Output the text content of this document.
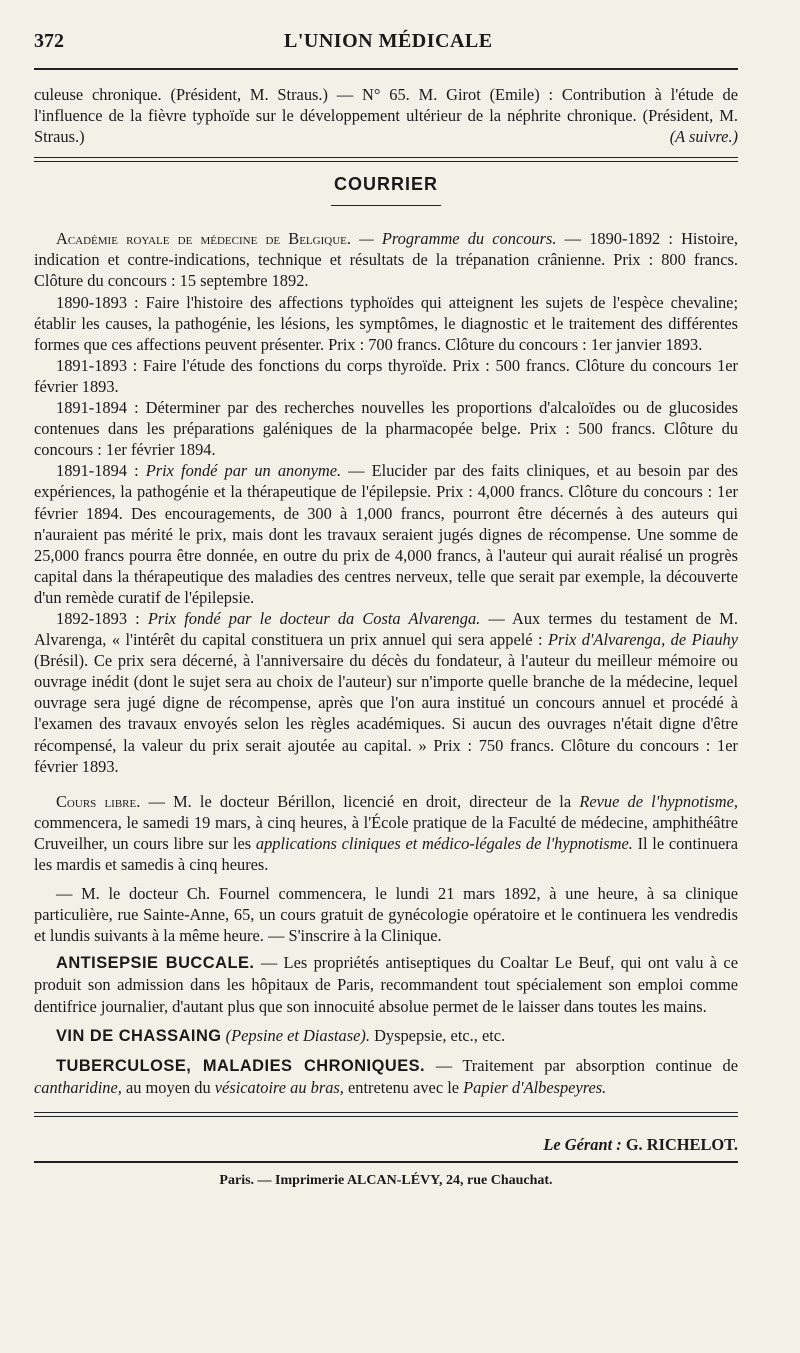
372	L'UNION MÉDICALE

culeuse chronique. (Président, M. Straus.) — N° 65. M. Girot (Emile) : Contribution à l'étude de l'influence de la fièvre typhoïde sur le développement ultérieur de la néphrite chronique. (Président, M. Straus.)	(A suivre.)

COURRIER

Académie royale de médecine de Belgique. — Programme du concours. — 1890-1892 : Histoire, indication et contre-indications, technique et résultats de la trépanation crânienne. Prix : 800 francs. Clôture du concours : 15 septembre 1892.

1890-1893 : Faire l'histoire des affections typhoïdes qui atteignent les sujets de l'espèce chevaline; établir les causes, la pathogénie, les lésions, les symptômes, le diagnostic et le traitement des différentes formes que ces affections peuvent présenter. Prix : 700 francs. Clôture du concours : 1er janvier 1893.

1891-1893 : Faire l'étude des fonctions du corps thyroïde. Prix : 500 francs. Clôture du concours 1er février 1893.

1891-1894 : Déterminer par des recherches nouvelles les proportions d'alcaloïdes ou de glucosides contenues dans les préparations galéniques de la pharmacopée belge. Prix : 500 francs. Clôture du concours : 1er février 1894.

1891-1894 : Prix fondé par un anonyme. — Elucider par des faits cliniques, et au besoin par des expériences, la pathogénie et la thérapeutique de l'épilepsie. Prix : 4,000 francs. Clôture du concours : 1er février 1894. Des encouragements, de 300 à 1,000 francs, pourront être décernés à des auteurs qui n'auraient pas mérité le prix, mais dont les travaux seraient jugés dignes de récompense. Une somme de 25,000 francs pourra être donnée, en outre du prix de 4,000 francs, à l'auteur qui aurait réalisé un progrès capital dans la thérapeutique des maladies des centres nerveux, telle que serait par exemple, la découverte d'un remède curatif de l'épilepsie.

1892-1893 : Prix fondé par le docteur da Costa Alvarenga. — Aux termes du testament de M. Alvarenga, « l'intérêt du capital constituera un prix annuel qui sera appelé : Prix d'Alvarenga, de Piauhy (Brésil). Ce prix sera décerné, à l'anniversaire du décès du fondateur, à l'auteur du meilleur mémoire ou ouvrage inédit (dont le sujet sera au choix de l'auteur) sur n'importe quelle branche de la médecine, lequel ouvrage sera jugé digne de récompense, après que l'on aura institué un concours annuel et procédé à l'examen des travaux envoyés selon les règles académiques. Si aucun des ouvrages n'était digne d'être récompensé, la valeur du prix serait ajoutée au capital. » Prix : 750 francs. Clôture du concours : 1er février 1893.

Cours libre. — M. le docteur Bérillon, licencié en droit, directeur de la Revue de l'hypnotisme, commencera, le samedi 19 mars, à cinq heures, à l'École pratique de la Faculté de médecine, amphithéâtre Cruveilher, un cours libre sur les applications cliniques et médico-légales de l'hypnotisme. Il le continuera les mardis et samedis à cinq heures.

— M. le docteur Ch. Fournel commencera, le lundi 21 mars 1892, à une heure, à sa clinique particulière, rue Sainte-Anne, 65, un cours gratuit de gynécologie opératoire et le continuera les vendredis et lundis suivants à la même heure. — S'inscrire à la Clinique.

ANTISEPSIE BUCCALE. — Les propriétés antiseptiques du Coaltar Le Beuf, qui ont valu à ce produit son admission dans les hôpitaux de Paris, recommandent tout spécialement son emploi comme dentifrice journalier, d'autant plus que son innocuité absolue permet de le laisser dans toutes les mains.

VIN DE CHASSAING (Pepsine et Diastase). Dyspepsie, etc., etc.

TUBERCULOSE, MALADIES CHRONIQUES. — Traitement par absorption continue de cantharidine, au moyen du vésicatoire au bras, entretenu avec le Papier d'Albespeyres.

Le Gérant : G. RICHELOT.
Paris. — Imprimerie ALCAN-LÉVY, 24, rue Chauchat.
